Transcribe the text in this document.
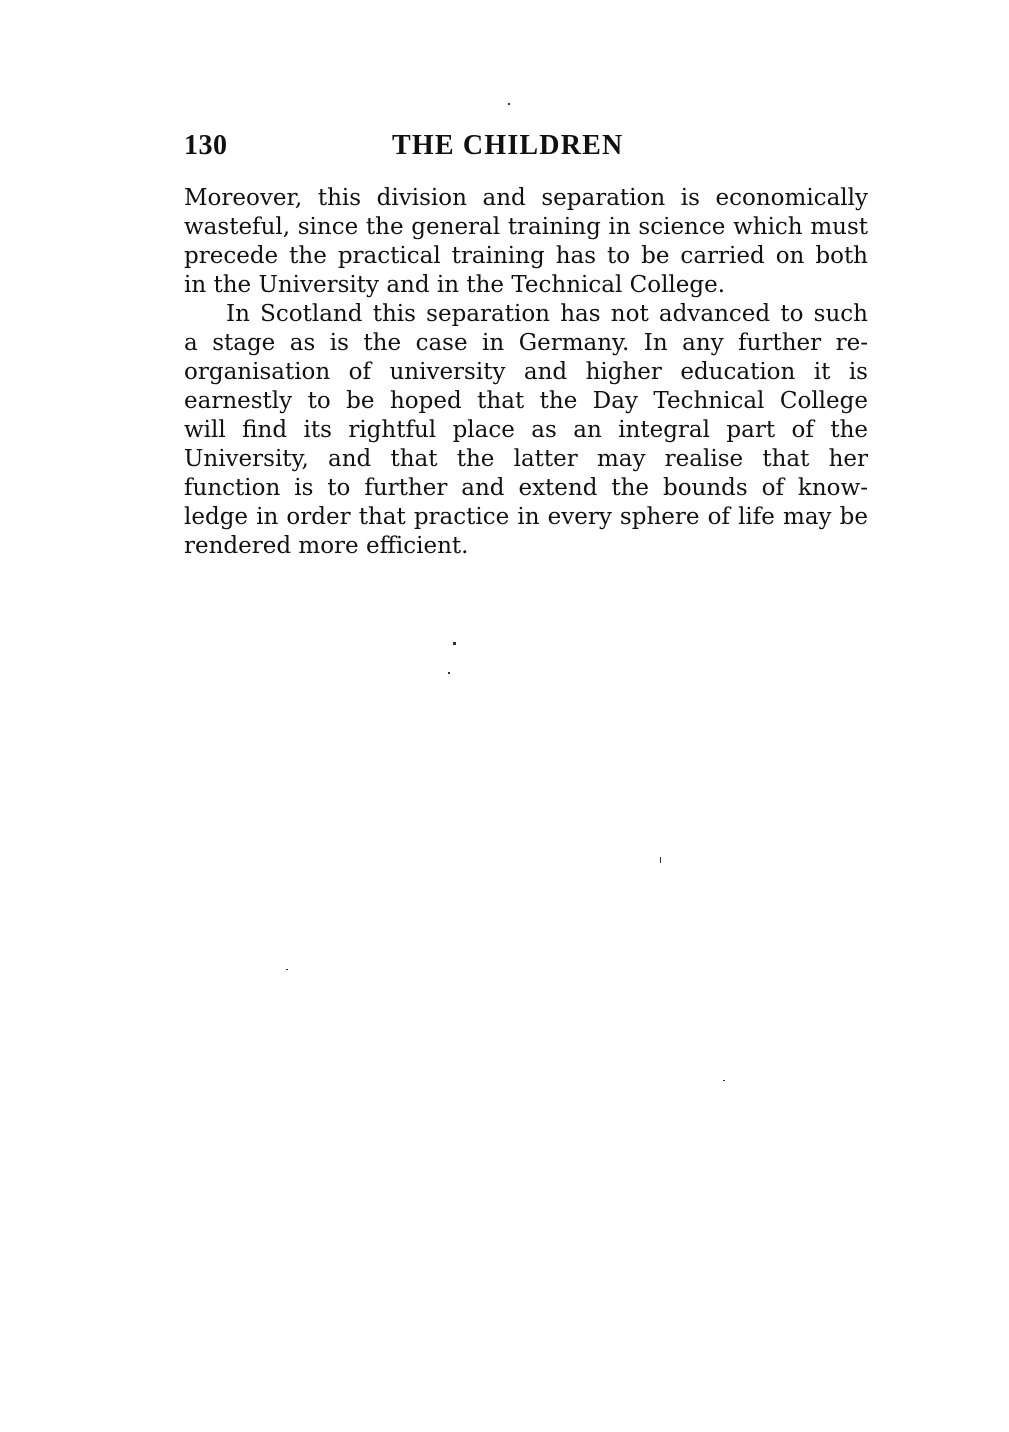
130	THE CHILDREN
Moreover, this division and separation is economically
wasteful, since the general training in science which must
precede the practical training has to be carried on both
in the University and in the Technical College.
In Scotland this separation has not advanced to such
a stage as is the case in Germany. In any further re-
organisation of university and higher education it is
earnestly to be hoped that the Day Technical College
will find its rightful place as an integral part of the
University, and that the latter may realise that her
function is to further and extend the bounds of know-
ledge in order that practice in every sphere of life may be
rendered more efficient.
